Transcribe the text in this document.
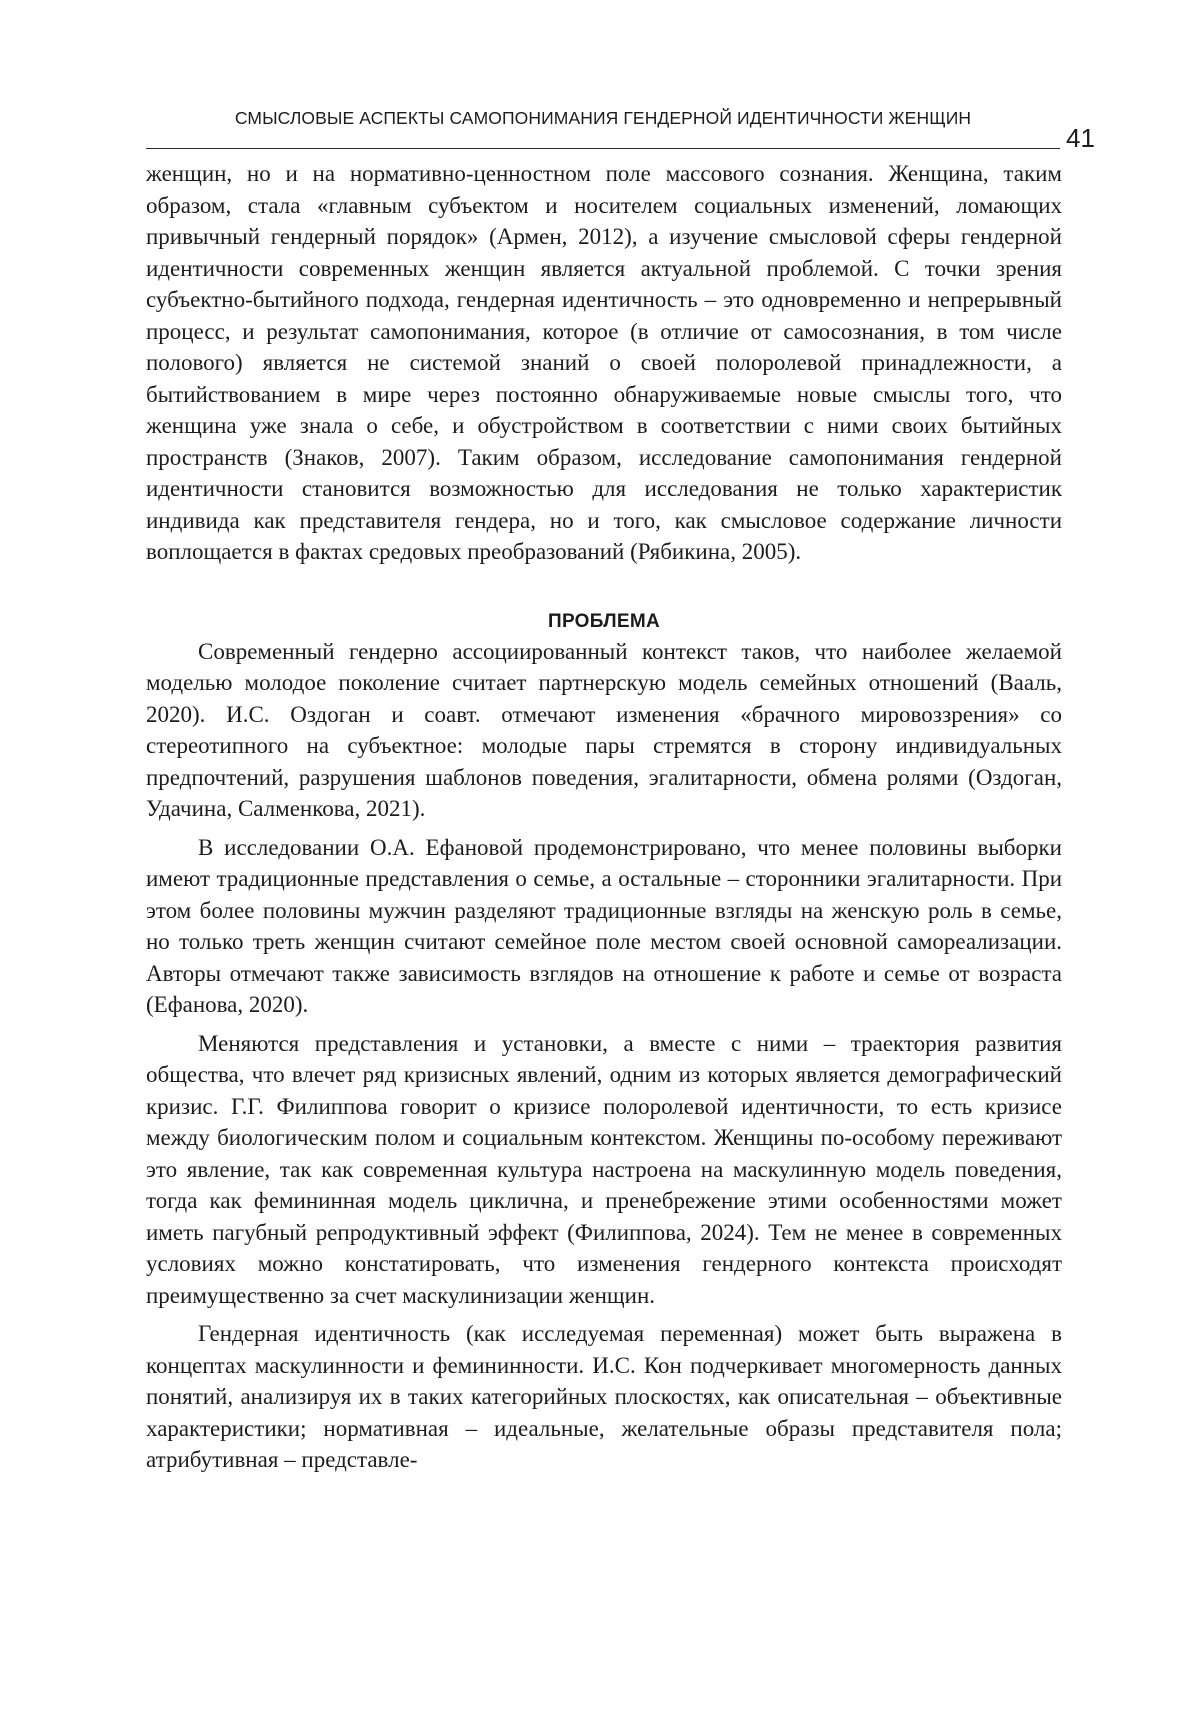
СМЫСЛОВЫЕ АСПЕКТЫ САМОПОНИМАНИЯ ГЕНДЕРНОЙ ИДЕНТИЧНОСТИ ЖЕНЩИН
41

женщин, но и на нормативно-ценностном поле массового сознания. Женщина, таким образом, стала «главным субъектом и носителем социальных изменений, ломающих привычный гендерный порядок» (Армен, 2012), а изучение смысловой сферы гендерной идентичности современных женщин является актуальной проблемой. С точки зрения субъектно-бытийного подхода, гендерная идентичность – это одновременно и непрерывный процесс, и результат самопонимания, которое (в отличие от самосознания, в том числе полового) является не системой знаний о своей полоролевой принадлежности, а бытийствованием в мире через постоянно обнаруживаемые новые смыслы того, что женщина уже знала о себе, и обустройством в соответствии с ними своих бытийных пространств (Знаков, 2007). Таким образом, исследование самопонимания гендерной идентичности становится возможностью для исследования не только характеристик индивида как представителя гендера, но и того, как смысловое содержание личности воплощается в фактах средовых преобразований (Рябикина, 2005).

ПРОБЛЕМА

Современный гендерно ассоциированный контекст таков, что наиболее желаемой моделью молодое поколение считает партнерскую модель семейных отношений (Вааль, 2020). И.С. Оздоган и соавт. отмечают изменения «брачного мировоззрения» со стереотипного на субъектное: молодые пары стремятся в сторону индивидуальных предпочтений, разрушения шаблонов поведения, эгалитарности, обмена ролями (Оздоган, Удачина, Салменкова, 2021).

В исследовании О.А. Ефановой продемонстрировано, что менее половины выборки имеют традиционные представления о семье, а остальные – сторонники эгалитарности. При этом более половины мужчин разделяют традиционные взгляды на женскую роль в семье, но только треть женщин считают семейное поле местом своей основной самореализации. Авторы отмечают также зависимость взглядов на отношение к работе и семье от возраста (Ефанова, 2020).

Меняются представления и установки, а вместе с ними – траектория развития общества, что влечет ряд кризисных явлений, одним из которых является демографический кризис. Г.Г. Филиппова говорит о кризисе полоролевой идентичности, то есть кризисе между биологическим полом и социальным контекстом. Женщины по-особому переживают это явление, так как современная культура настроена на маскулинную модель поведения, тогда как фемининная модель циклична, и пренебрежение этими особенностями может иметь пагубный репродуктивный эффект (Филиппова, 2024). Тем не менее в современных условиях можно констатировать, что изменения гендерного контекста происходят преимущественно за счет маскулинизации женщин.

Гендерная идентичность (как исследуемая переменная) может быть выражена в концептах маскулинности и фемининности. И.С. Кон подчеркивает многомерность данных понятий, анализируя их в таких категорийных плоскостях, как описательная – объективные характеристики; нормативная – идеальные, желательные образы представителя пола; атрибутивная – представле-
